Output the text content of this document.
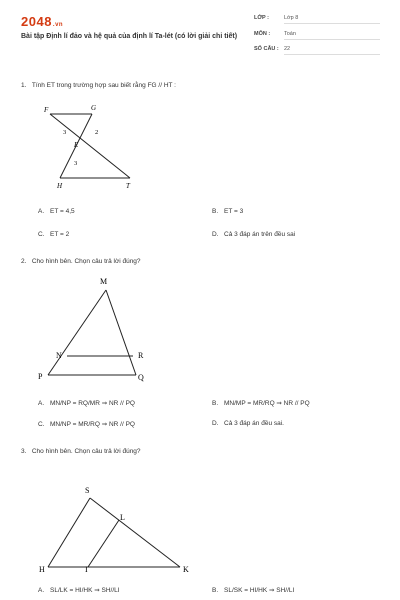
2048.vn
Bài tập Định lí đảo và hệ quả của định lí Ta-lét (có lời giải chi tiết)
LỚP :	Lớp 8
MÔN :	Toán
SỐ CÂU : 22
1. Tính ET trong trường hợp sau biết rằng FG // HT :
F	G
3	2
E
3
H	T
A. ET = 4,5	B. ET = 3
C. ET = 2	D. Cả 3 đáp án trên đều sai
2. Cho hình bên. Chọn câu trả lời đúng?
M
N	R
P	Q
A. MN/NP = RQ/MR ⇒ NR // PQ	B. MN/MP = MR/RQ ⇒ NR // PQ
C. MN/NP = MR/RQ ⇒ NR // PQ	D. Cả 3 đáp án đều sai.
3. Cho hình bên. Chọn câu trả lời đúng?
S
L
H	I	K
A. SL/LK = HI/HK ⇒ SH//LI	B. SL/SK = HI/HK ⇒ SH//LI
